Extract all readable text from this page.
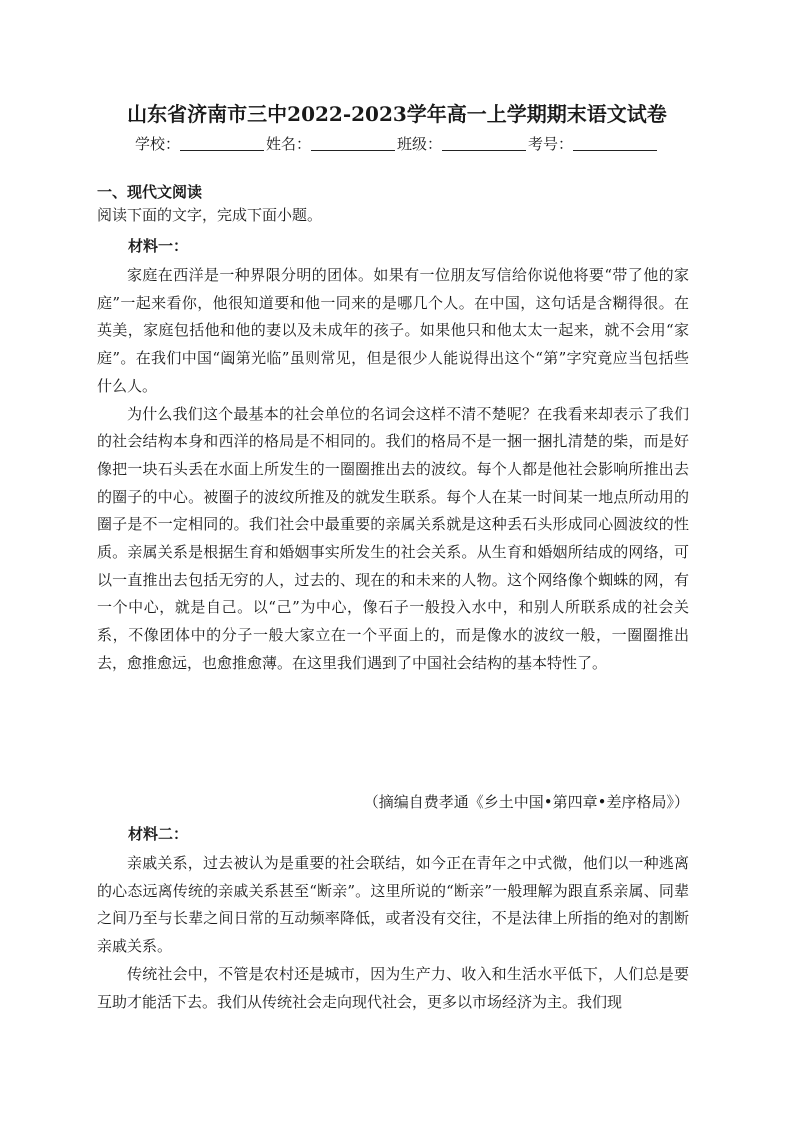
山东省济南市三中2022-2023学年高一上学期期末语文试卷
学校：	姓名：	班级：	考号：
一、现代文阅读
阅读下面的文字，完成下面小题。
材料一：

家庭在西洋是一种界限分明的团体。如果有一位朋友写信给你说他将要“带了他的家庭”一起来看你，他很知道要和他一同来的是哪几个人。在中国，这句话是含糊得很。在英美，家庭包括他和他的妻以及未成年的孩子。如果他只和他太太一起来，就不会用“家庭”。在我们中国“阖第光临”虽则常见，但是很少人能说得出这个“第”字究竟应当包括些什么人。

为什么我们这个最基本的社会单位的名词会这样不清不楚呢？在我看来却表示了我们的社会结构本身和西洋的格局是不相同的。我们的格局不是一捆一捆扎清楚的柴，而是好像把一块石头丢在水面上所发生的一圈圈推出去的波纹。每个人都是他社会影响所推出去的圈子的中心。被圈子的波纹所推及的就发生联系。每个人在某一时间某一地点所动用的圈子是不一定相同的。我们社会中最重要的亲属关系就是这种丢石头形成同心圆波纹的性质。亲属关系是根据生育和婚姻事实所发生的社会关系。从生育和婚姻所结成的网络，可以一直推出去包括无穷的人，过去的、现在的和未来的人物。这个网络像个蜘蛛的网，有一个中心，就是自己。以“己”为中心，像石子一般投入水中，和别人所联系成的社会关系，不像团体中的分子一般大家立在一个平面上的，而是像水的波纹一般，一圈圈推出去，愈推愈远，也愈推愈薄。在这里我们遇到了中国社会结构的基本特性了。

（摘编自费孝通《乡土中国•第四章•差序格局》）
材料二：

亲戚关系，过去被认为是重要的社会联结，如今正在青年之中式微，他们以一种逃离的心态远离传统的亲戚关系甚至“断亲”。这里所说的“断亲”一般理解为跟直系亲属、同辈之间乃至与长辈之间日常的互动频率降低，或者没有交往，不是法律上所指的绝对的割断亲戚关系。

传统社会中，不管是农村还是城市，因为生产力、收入和生活水平低下，人们总是要互助才能活下去。我们从传统社会走向现代社会，更多以市场经济为主。我们现
